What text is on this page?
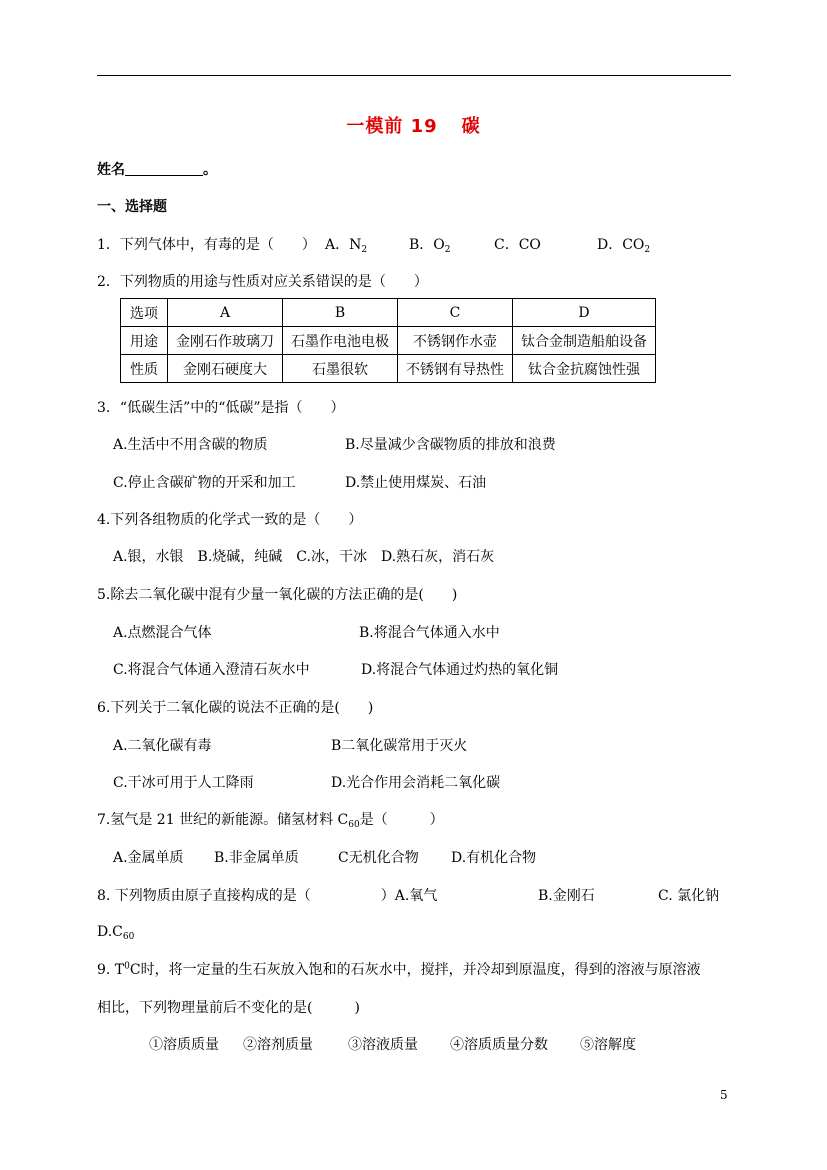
一模前 19 碳
姓名	。
一、选择题
1．下列气体中，有毒的是（　　） A．$N_2$	B．$O_2$	C．CO	D．$CO_2$
2．下列物质的用途与性质对应关系错误的是（　　）
选项	A	B	C	D
用途	金刚石作玻璃刀	石墨作电池电极	不锈钢作水壶	钛合金制造船舶设备
性质	金刚石硬度大	石墨很软	不锈钢有导热性	钛合金抗腐蚀性强
3．“低碳生活”中的“低碳”是指（　　）
A.生活中不用含碳的物质	B.尽量减少含碳物质的排放和浪费
C.停止含碳矿物的开采和加工	D.禁止使用煤炭、石油
4.下列各组物质的化学式一致的是（　　）
A.银，水银　B.烧碱，纯碱　C.冰，干冰　D.熟石灰，消石灰
5.除去二氧化碳中混有少量一氧化碳的方法正确的是(　　)
A.点燃混合气体	B.将混合气体通入水中
C.将混合气体通入澄清石灰水中	D.将混合气体通过灼热的氧化铜
6.下列关于二氧化碳的说法不正确的是(　　)
A.二氧化碳有毒	B二氧化碳常用于灭火
C.干冰可用于人工降雨	D.光合作用会消耗二氧化碳
7.氢气是 21 世纪的新能源。储氢材料 $C_{60}$是（　　　）
A.金属单质 B.非金属单质	C无机化合物 D.有机化合物
8. 下列物质由原子直接构成的是（　　　　　）A.氧气	B.金刚石	C. 氯化钠
$D.C_{60}$
9. $T^0C$时，将一定量的生石灰放入饱和的石灰水中，搅拌，并冷却到原温度，得到的溶液与原溶液
相比，下列物理量前后不变化的是(　　　)
①溶质质量 ②溶剂质量	③溶液质量 ④溶质质量分数 ⑤溶解度
5
